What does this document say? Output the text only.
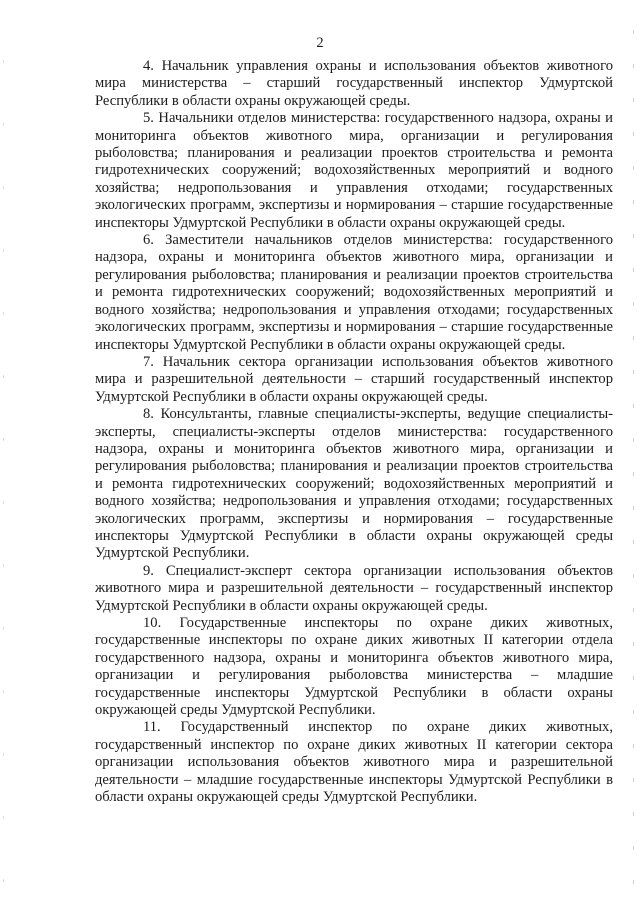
2

4. Начальник управления охраны и использования объектов животного мира министерства – старший государственный инспектор Удмуртской Республики в области охраны окружающей среды.

5. Начальники отделов министерства: государственного надзора, охраны и мониторинга объектов животного мира, организации и регулирования рыболовства; планирования и реализации проектов строительства и ремонта гидротехнических сооружений; водохозяйственных мероприятий и водного хозяйства; недропользования и управления отходами; государственных экологических программ, экспертизы и нормирования – старшие государственные инспекторы Удмуртской Республики в области охраны окружающей среды.

6. Заместители начальников отделов министерства: государственного надзора, охраны и мониторинга объектов животного мира, организации и регулирования рыболовства; планирования и реализации проектов строительства и ремонта гидротехнических сооружений; водохозяйственных мероприятий и водного хозяйства; недропользования и управления отходами; государственных экологических программ, экспертизы и нормирования – старшие государственные инспекторы Удмуртской Республики в области охраны окружающей среды.

7. Начальник сектора организации использования объектов животного мира и разрешительной деятельности – старший государственный инспектор Удмуртской Республики в области охраны окружающей среды.

8. Консультанты, главные специалисты-эксперты, ведущие специалисты-эксперты, специалисты-эксперты отделов министерства: государственного надзора, охраны и мониторинга объектов животного мира, организации и регулирования рыболовства; планирования и реализации проектов строительства и ремонта гидротехнических сооружений; водохозяйственных мероприятий и водного хозяйства; недропользования и управления отходами; государственных экологических программ, экспертизы и нормирования – государственные инспекторы Удмуртской Республики в области охраны окружающей среды Удмуртской Республики.

9. Специалист-эксперт сектора организации использования объектов животного мира и разрешительной деятельности – государственный инспектор Удмуртской Республики в области охраны окружающей среды.

10. Государственные инспекторы по охране диких животных, государственные инспекторы по охране диких животных II категории отдела государственного надзора, охраны и мониторинга объектов животного мира, организации и регулирования рыболовства министерства – младшие государственные инспекторы Удмуртской Республики в области охраны окружающей среды Удмуртской Республики.

11. Государственный инспектор по охране диких животных, государственный инспектор по охране диких животных II категории сектора организации использования объектов животного мира и разрешительной деятельности – младшие государственные инспекторы Удмуртской Республики в области охраны окружающей среды Удмуртской Республики.
